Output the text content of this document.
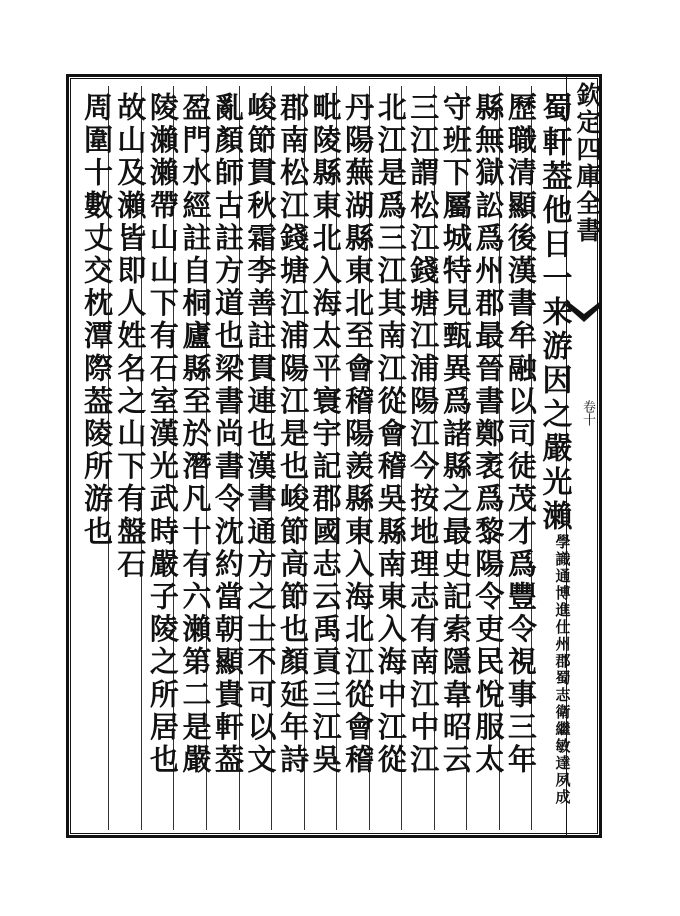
欽定四庫全書
卷十
蜀軒葢他日一来游因之嚴光瀨
蜀志衛繼敏達夙成
學識通博進仕州郡
歷職清顯後漢書牟融以司徒茂才爲豐令視事三年
縣無獄訟爲州郡最晉書鄭袤爲黎陽令吏民悅服太
守班下屬城特見甄異爲諸縣之最史記索隱韋昭云
三江謂松江錢塘江浦陽江今按地理志有南江中江
北江是爲三江其南江從會稽吳縣南東入海中江從
丹陽蕪湖縣東北至會稽陽羨縣東入海北江從會稽
毗陵縣東北入海太平寰宇記郡國志云禹貢三江吳
郡南松江錢塘江浦陽江是也峻節高節也顏延年詩
峻節貫秋霜李善註貫連也漢書通方之士不可以文
亂顏師古註方道也梁書尚書令沈約當朝顯貴軒葢
盈門水經註自桐廬縣至於潛凡十有六瀨第二是嚴
陵瀨瀨帶山山下有石室漢光武時嚴子陵之所居也
故山及瀨皆即人姓名之山下有盤石
周圍十數丈交枕潭際葢陵所游也
